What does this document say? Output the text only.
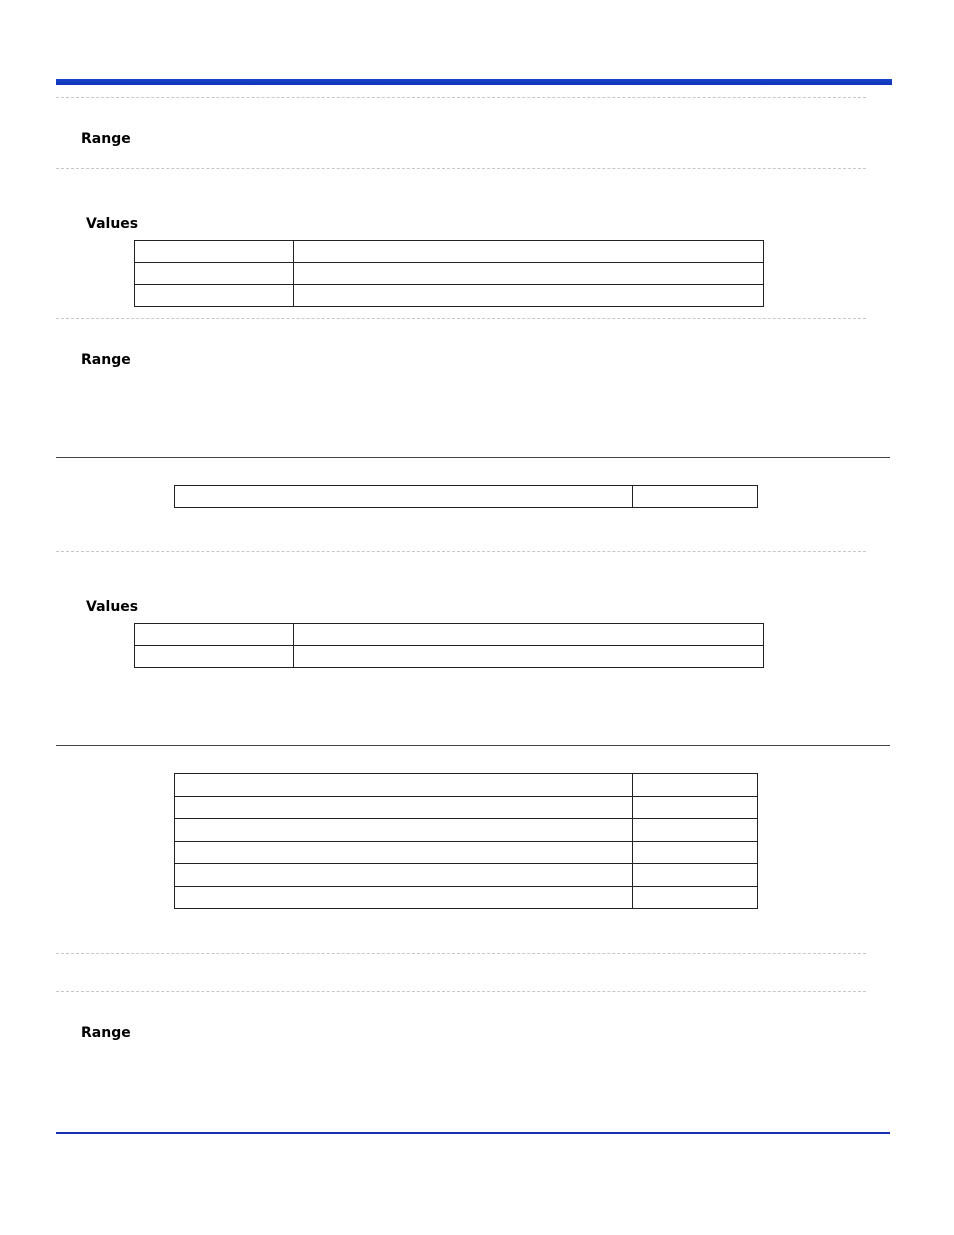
Range
Values

Range

Values

Range
